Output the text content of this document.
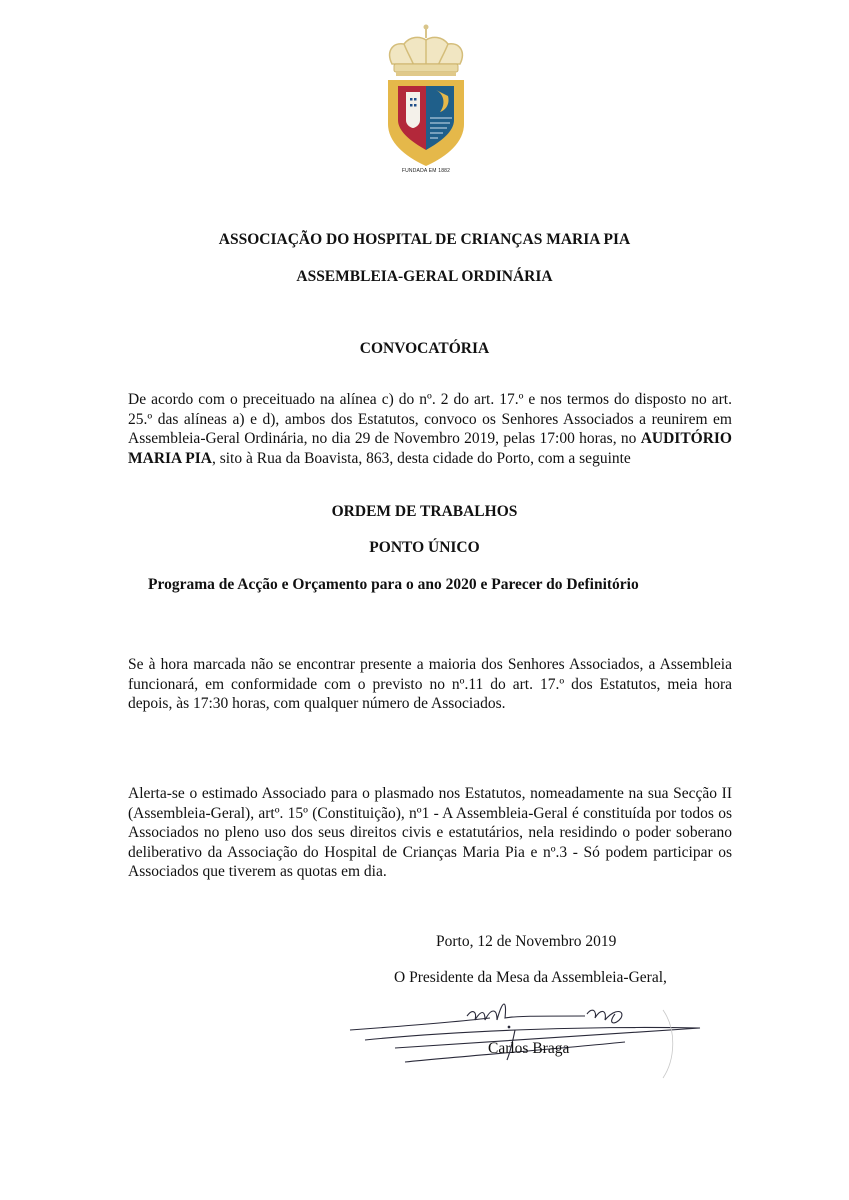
FUNDADA EM 1882
ASSOCIAÇÃO DO HOSPITAL DE CRIANÇAS MARIA PIA
ASSEMBLEIA-GERAL ORDINÁRIA
CONVOCATÓRIA
De acordo com o preceituado na alínea c) do nº. 2 do art. 17.º e nos termos do disposto no art. 25.º das alíneas a) e d), ambos dos Estatutos, convoco os Senhores Associados a reunirem em Assembleia-Geral Ordinária, no dia 29 de Novembro 2019, pelas 17:00 horas, no AUDITÓRIO MARIA PIA, sito à Rua da Boavista, 863, desta cidade do Porto, com a seguinte
ORDEM DE TRABALHOS
PONTO ÚNICO
Programa de Acção e Orçamento para o ano 2020 e Parecer do Definitório
Se à hora marcada não se encontrar presente a maioria dos Senhores Associados, a Assembleia funcionará, em conformidade com o previsto no nº.11 do art. 17.º dos Estatutos, meia hora depois, às 17:30 horas, com qualquer número de Associados.
Alerta-se o estimado Associado para o plasmado nos Estatutos, nomeadamente na sua Secção II (Assembleia-Geral), artº. 15º (Constituição), nº1 - A Assembleia-Geral é constituída por todos os Associados no pleno uso dos seus direitos civis e estatutários, nela residindo o poder soberano deliberativo da Associação do Hospital de Crianças Maria Pia e nº.3 - Só podem participar os Associados que tiverem as quotas em dia.
Porto, 12 de Novembro 2019
O Presidente da Mesa da Assembleia-Geral,
Carlos Braga
